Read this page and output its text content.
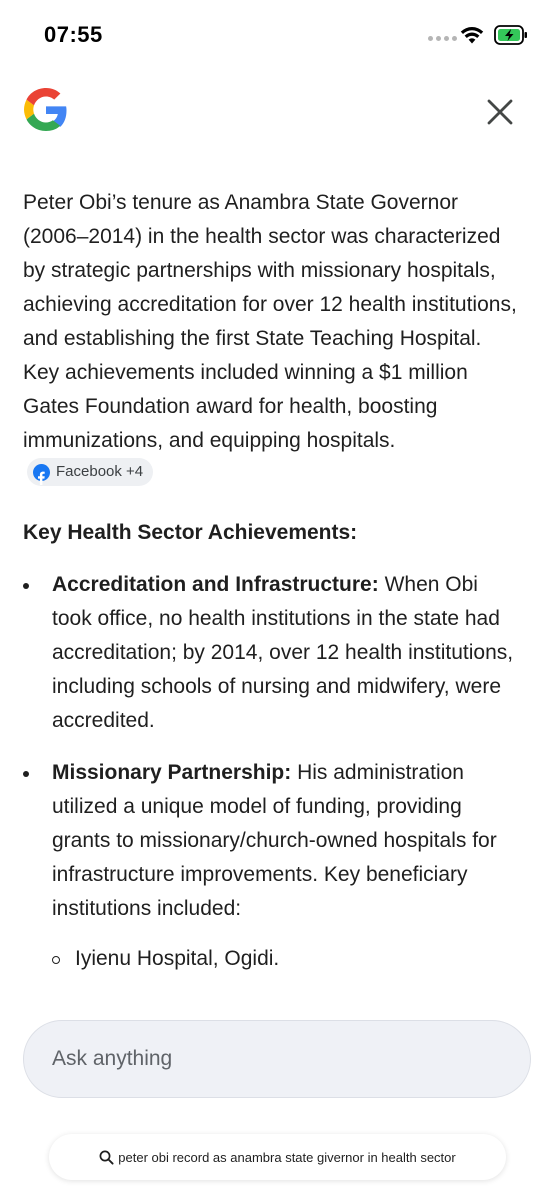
07:55

Peter Obi’s tenure as Anambra State Governor (2006–2014) in the health sector was characterized by strategic partnerships with missionary hospitals, achieving accreditation for over 12 health institutions, and establishing the first State Teaching Hospital. Key achievements included winning a $1 million Gates Foundation award for health, boosting immunizations, and equipping hospitals.
Facebook +4

Key Health Sector Achievements:
Accreditation and Infrastructure: When Obi took office, no health institutions in the state had accreditation; by 2014, over 12 health institutions, including schools of nursing and midwifery, were accredited.
Missionary Partnership: His administration utilized a unique model of funding, providing grants to missionary/church-owned hospitals for infrastructure improvements. Key beneficiary institutions included:
Iyienu Hospital, Ogidi.
Ask anything
peter obi record as anambra state givernor in health sector
